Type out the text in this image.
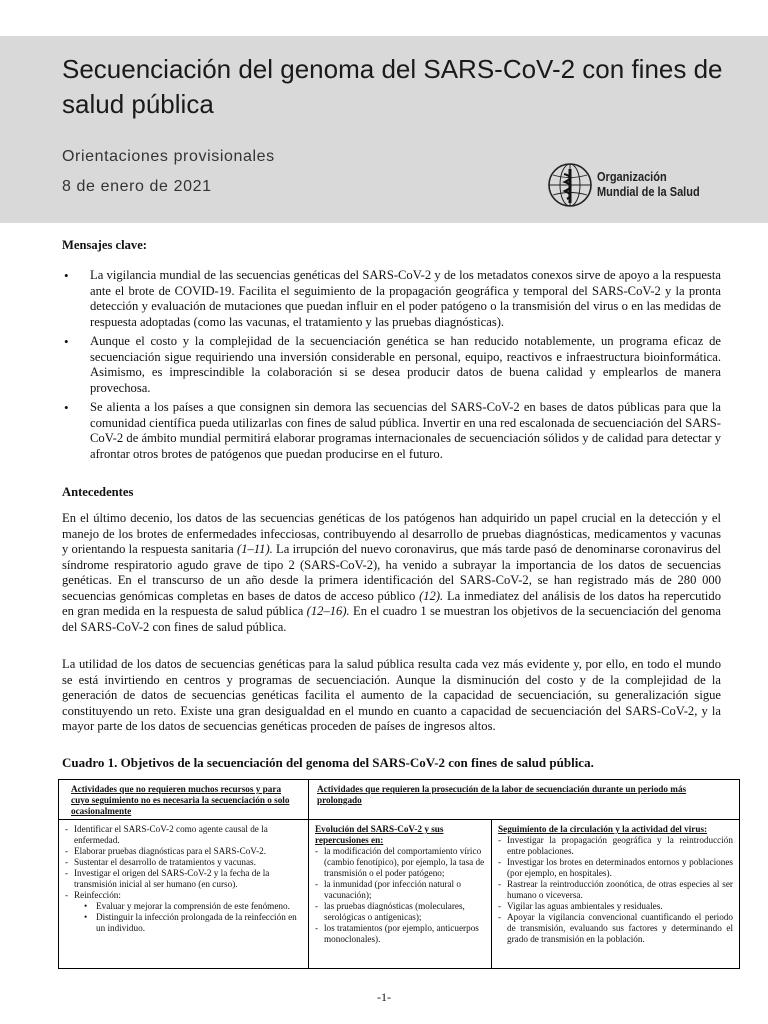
Secuenciación del genoma del SARS-CoV-2 con fines de salud pública
Orientaciones provisionales
8 de enero de 2021
Organización
Mundial de la Salud

Mensajes clave:

• La vigilancia mundial de las secuencias genéticas del SARS-CoV-2 y de los metadatos conexos sirve de apoyo a la respuesta ante el brote de COVID-19. Facilita el seguimiento de la propagación geográfica y temporal del SARS-CoV-2 y la pronta detección y evaluación de mutaciones que puedan influir en el poder patógeno o la transmisión del virus o en las medidas de respuesta adoptadas (como las vacunas, el tratamiento y las pruebas diagnósticas).
• Aunque el costo y la complejidad de la secuenciación genética se han reducido notablemente, un programa eficaz de secuenciación sigue requiriendo una inversión considerable en personal, equipo, reactivos e infraestructura bioinformática. Asimismo, es imprescindible la colaboración si se desea producir datos de buena calidad y emplearlos de manera provechosa.
• Se alienta a los países a que consignen sin demora las secuencias del SARS-CoV-2 en bases de datos públicas para que la comunidad científica pueda utilizarlas con fines de salud pública. Invertir en una red escalonada de secuenciación del SARS-CoV-2 de ámbito mundial permitirá elaborar programas internacionales de secuenciación sólidos y de calidad para detectar y afrontar otros brotes de patógenos que puedan producirse en el futuro.

Antecedentes

En el último decenio, los datos de las secuencias genéticas de los patógenos han adquirido un papel crucial en la detección y el manejo de los brotes de enfermedades infecciosas, contribuyendo al desarrollo de pruebas diagnósticas, medicamentos y vacunas y orientando la respuesta sanitaria (1–11). La irrupción del nuevo coronavirus, que más tarde pasó de denominarse coronavirus del síndrome respiratorio agudo grave de tipo 2 (SARS-CoV-2), ha venido a subrayar la importancia de los datos de secuencias genéticas. En el transcurso de un año desde la primera identificación del SARS-CoV-2, se han registrado más de 280 000 secuencias genómicas completas en bases de datos de acceso público (12). La inmediatez del análisis de los datos ha repercutido en gran medida en la respuesta de salud pública (12–16). En el cuadro 1 se muestran los objetivos de la secuenciación del genoma del SARS-CoV-2 con fines de salud pública.

La utilidad de los datos de secuencias genéticas para la salud pública resulta cada vez más evidente y, por ello, en todo el mundo se está invirtiendo en centros y programas de secuenciación. Aunque la disminución del costo y de la complejidad de la generación de datos de secuencias genéticas facilita el aumento de la capacidad de secuenciación, su generalización sigue constituyendo un reto. Existe una gran desigualdad en el mundo en cuanto a capacidad de secuenciación del SARS-CoV-2, y la mayor parte de los datos de secuencias genéticas proceden de países de ingresos altos.

Cuadro 1. Objetivos de la secuenciación del genoma del SARS-CoV-2 con fines de salud pública.

Actividades que no requieren muchos recursos y para cuyo seguimiento no es necesaria la secuenciación o solo ocasionalmente
Actividades que requieren la prosecución de la labor de secuenciación durante un periodo más prolongado
- Identificar el SARS-CoV-2 como agente causal de la enfermedad.
- Elaborar pruebas diagnósticas para el SARS-CoV-2.
- Sustentar el desarrollo de tratamientos y vacunas.
- Investigar el origen del SARS-CoV-2 y la fecha de la transmisión inicial al ser humano (en curso).
- Reinfección:
• Evaluar y mejorar la comprensión de este fenómeno.
• Distinguir la infección prolongada de la reinfección en un individuo.
Evolución del SARS-CoV-2 y sus repercusiones en:
- la modificación del comportamiento vírico (cambio fenotípico), por ejemplo, la tasa de transmisión o el poder patógeno;
- la inmunidad (por infección natural o vacunación);
- las pruebas diagnósticas (moleculares, serológicas o antígenicas);
- los tratamientos (por ejemplo, anticuerpos monoclonales).
Seguimiento de la circulación y la actividad del virus:
- Investigar la propagación geográfica y la reintroducción entre poblaciones.
- Investigar los brotes en determinados entornos y poblaciones (por ejemplo, en hospitales).
- Rastrear la reintroducción zoonótica, de otras especies al ser humano o viceversa.
- Vigilar las aguas ambientales y residuales.
- Apoyar la vigilancia convencional cuantificando el periodo de transmisión, evaluando sus factores y determinando el grado de transmisión en la población.
-1-
